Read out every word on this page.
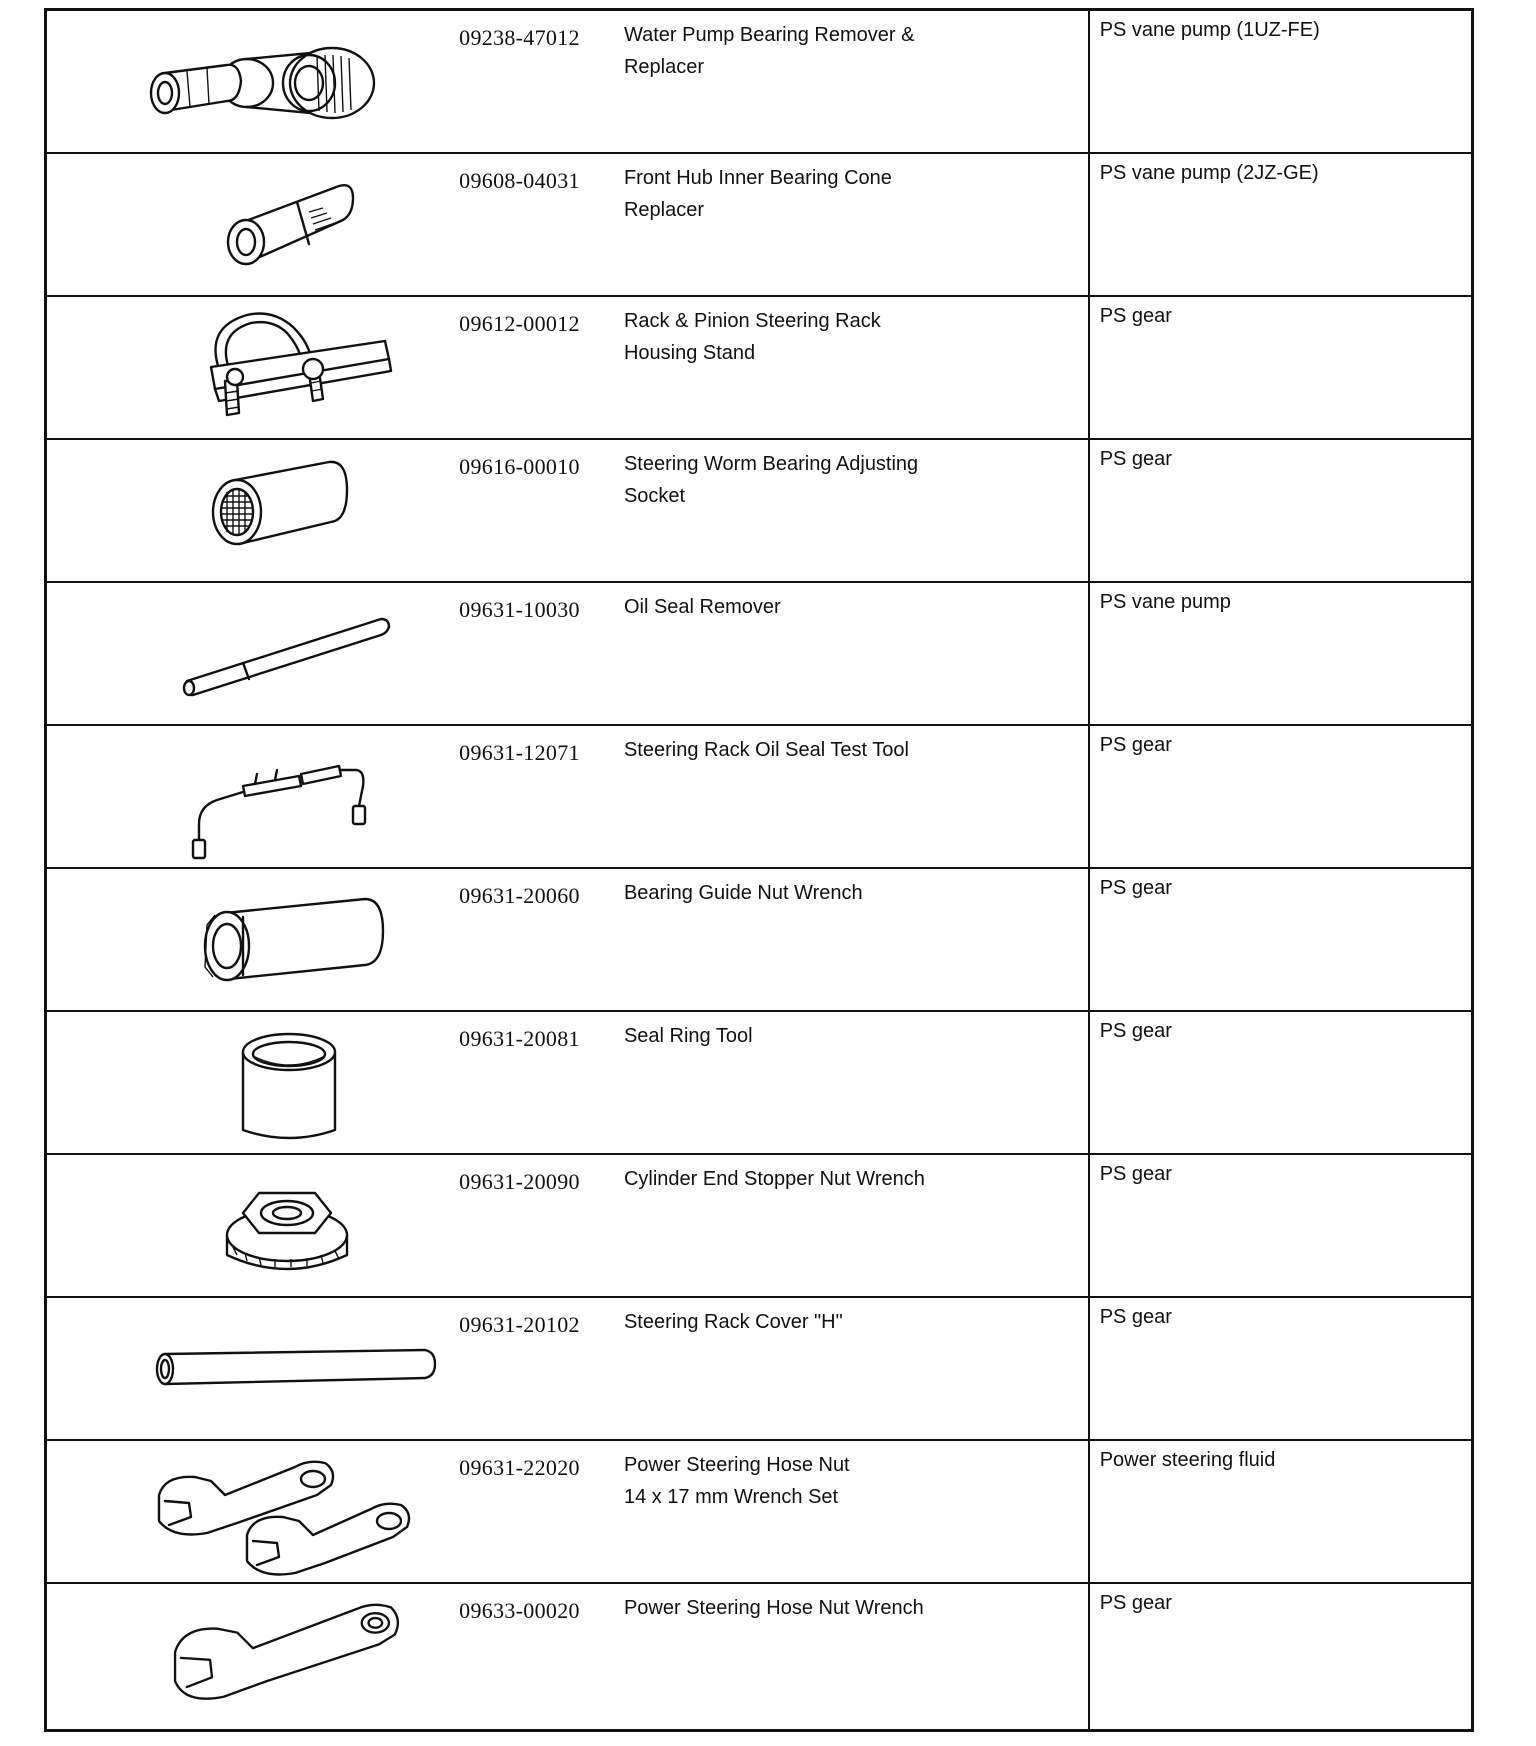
09238-47012	Water Pump Bearing Remover &
Replacer	PS vane pump (1UZ-FE)

09608-04031	Front Hub Inner Bearing Cone
Replacer	PS vane pump (2JZ-GE)

09612-00012	Rack & Pinion Steering Rack
Housing Stand	PS gear

09616-00010	Steering Worm Bearing Adjusting
Socket	PS gear

09631-10030	Oil Seal Remover	PS vane pump

09631-12071	Steering Rack Oil Seal Test Tool	PS gear

09631-20060	Bearing Guide Nut Wrench	PS gear

09631-20081	Seal Ring Tool	PS gear

09631-20090	Cylinder End Stopper Nut Wrench	PS gear

09631-20102	Steering Rack Cover "H"	PS gear

09631-22020	Power Steering Hose Nut
14 x 17 mm Wrench Set	Power steering fluid

09633-00020	Power Steering Hose Nut Wrench	PS gear
